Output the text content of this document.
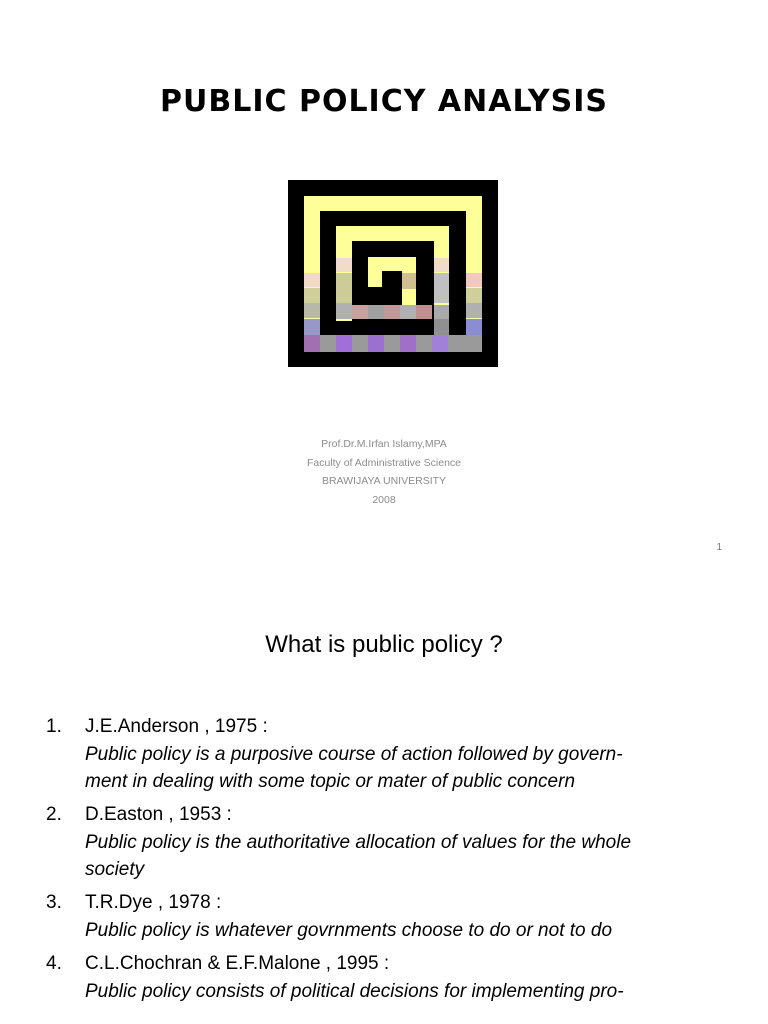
PUBLIC POLICY ANALYSIS
Prof.Dr.M.Irfan Islamy,MPA
Faculty of Administrative Science
BRAWIJAYA UNIVERSITY
2008
1
What is public policy ?
1.	J.E.Anderson , 1975 :
Public policy is a purposive course of action followed by govern-
ment in dealing with some topic or mater of public concern
2.	D.Easton , 1953 :
Public policy is the authoritative allocation of values for the whole
society
3.	T.R.Dye , 1978 :
Public policy is whatever govrnments choose to do or not to do
4.	C.L.Chochran & E.F.Malone , 1995 :
Public policy consists of political decisions for implementing pro-
